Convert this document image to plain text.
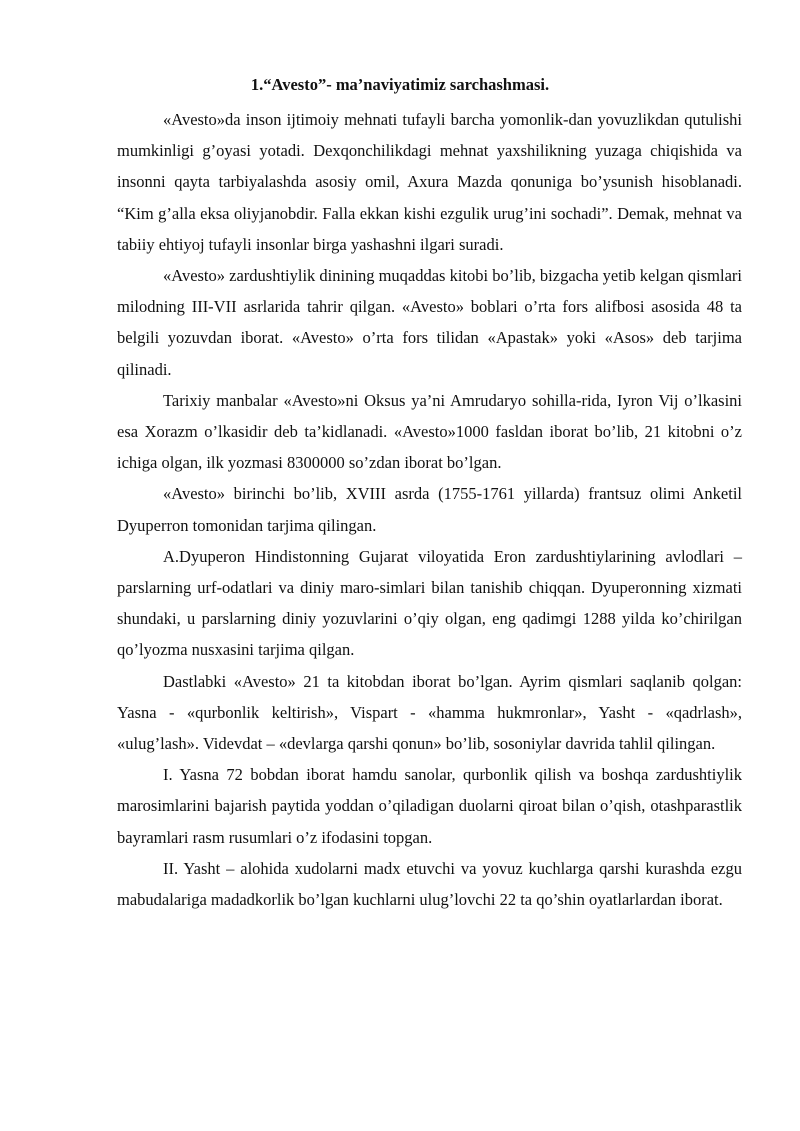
1.“Avesto”- ma’naviyatimiz sarchashmasi.

«Avesto»da inson ijtimoiy mehnati tufayli barcha yomonlik-dan yovuzlikdan qutulishi mumkinligi g’oyasi yotadi. Dexqonchilikdagi mehnat yaxshilikning yuzaga chiqishida va insonni qayta tarbiyalashda asosiy omil, Axura Mazda qonuniga bo’ysunish hisoblanadi. “Kim g’alla eksa oliyjanobdir. Falla ekkan kishi ezgulik urug’ini sochadi”. Demak, mehnat va tabiiy ehtiyoj tufayli insonlar birga yashashni ilgari suradi.

«Avesto» zardushtiylik dinining muqaddas kitobi bo’lib, bizgacha yetib kelgan qismlari milodning III-VII asrlarida tahrir qilgan. «Avesto» boblari o’rta fors alifbosi asosida 48 ta belgili yozuvdan iborat. «Avesto» o’rta fors tilidan «Apastak» yoki «Asos» deb tarjima qilinadi.

Tarixiy manbalar «Avesto»ni Oksus ya’ni Amrudaryo sohilla-rida, Iyron Vij o’lkasini esa Xorazm o’lkasidir deb ta’kidlanadi. «Avesto»1000 fasldan iborat bo’lib, 21 kitobni o’z ichiga olgan, ilk yozmasi 8300000 so’zdan iborat bo’lgan.

«Avesto» birinchi bo’lib, XVIII asrda (1755-1761 yillarda) frantsuz olimi Anketil Dyuperron tomonidan tarjima qilingan.

A.Dyuperon Hindistonning Gujarat viloyatida Eron zardushtiylarining avlodlari – parslarning urf-odatlari va diniy maro-simlari bilan tanishib chiqqan. Dyuperonning xizmati shundaki, u parslarning diniy yozuvlarini o’qiy olgan, eng qadimgi 1288 yilda ko’chirilgan qo’lyozma nusxasini tarjima qilgan.

Dastlabki «Avesto» 21 ta kitobdan iborat bo’lgan. Ayrim qismlari saqlanib qolgan: Yasna - «qurbonlik keltirish», Vispart - «hamma hukmronlar», Yasht - «qadrlash», «ulug’lash». Videvdat – «devlarga qarshi qonun» bo’lib, sosoniylar davrida tahlil qilingan.

I. Yasna 72 bobdan iborat hamdu sanolar, qurbonlik qilish va boshqa zardushtiylik marosimlarini bajarish paytida yoddan o’qiladigan duolarni qiroat bilan o’qish, otashparastlik bayramlari rasm rusumlari o’z ifodasini topgan.

II. Yasht – alohida xudolarni madx etuvchi va yovuz kuchlarga qarshi kurashda ezgu mabudalariga madadkorlik bo’lgan kuchlarni ulug’lovchi 22 ta qo’shin oyatlarlardan iborat.
